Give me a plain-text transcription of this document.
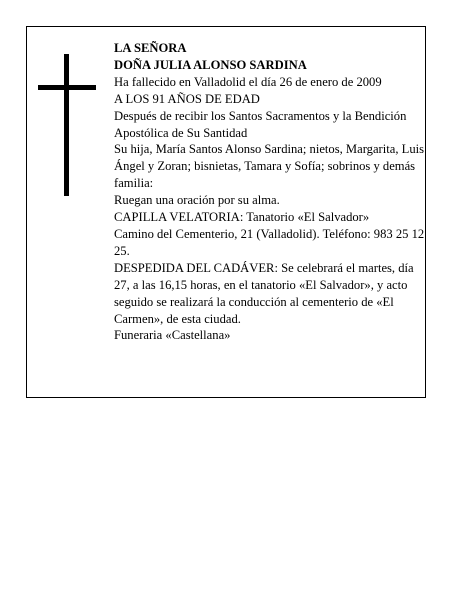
LA SEÑORA

DOÑA JULIA ALONSO SARDINA

Ha fallecido en Valladolid el día 26 de enero de 2009

A LOS 91 AÑOS DE EDAD

Después de recibir los Santos Sacramentos y la Bendición Apostólica de Su Santidad

Su hija, María Santos Alonso Sardina; nietos, Margarita, Luis Ángel y Zoran; bisnietas, Tamara y Sofía; sobrinos y demás familia:

Ruegan una oración por su alma.

CAPILLA VELATORIA: Tanatorio «El Salvador»

Camino del Cementerio, 21 (Valladolid). Teléfono: 983 25 12 25.

DESPEDIDA DEL CADÁVER: Se celebrará el martes, día 27, a las 16,15 horas, en el tanatorio «El Salvador», y acto seguido se realizará la conducción al cementerio de «El Carmen», de esta ciudad.

Funeraria «Castellana»
